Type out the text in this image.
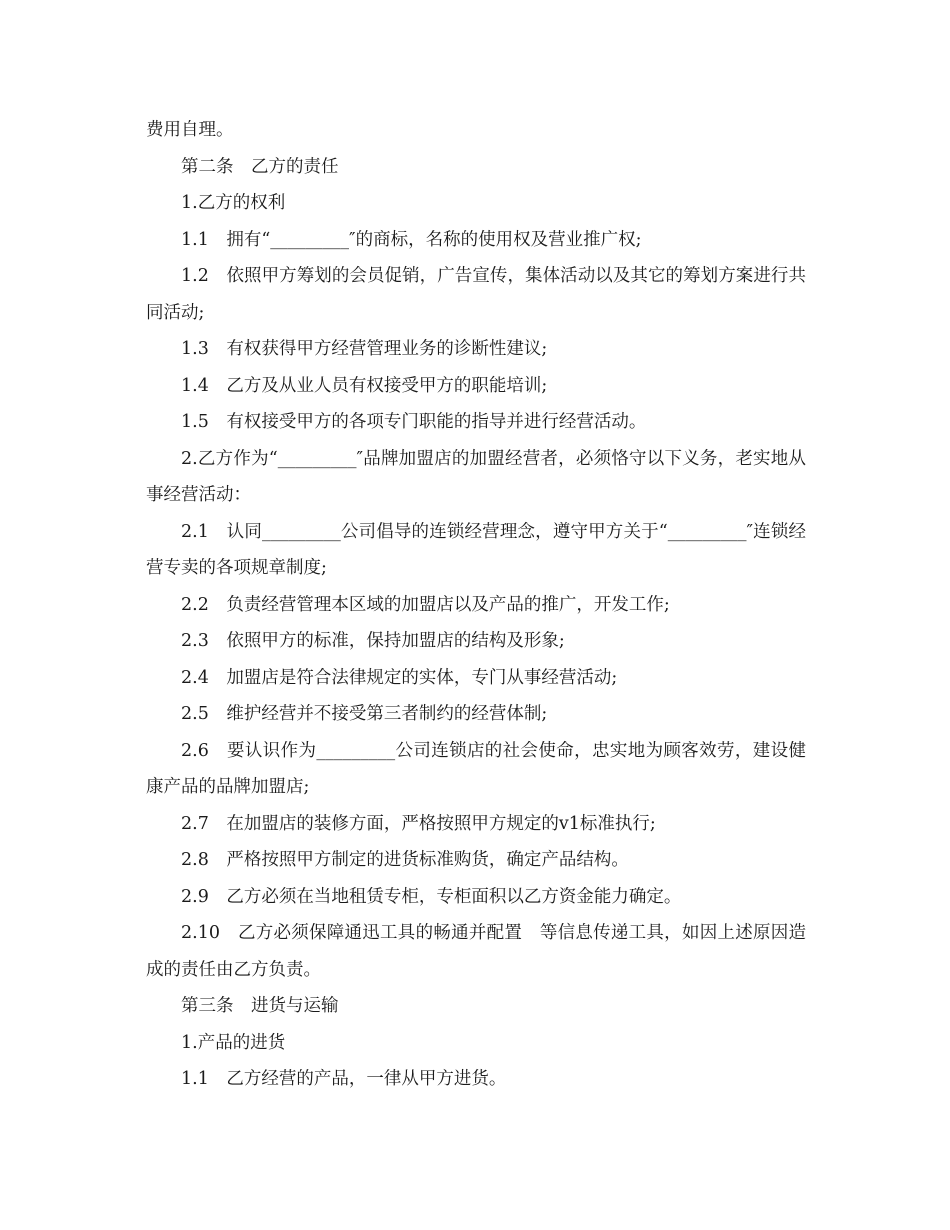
费用自理。

第二条　乙方的责任

1.乙方的权利

1.1　拥有“_________″的商标，名称的使用权及营业推广权;

1.2　依照甲方筹划的会员促销，广告宣传，集体活动以及其它的筹划方案进行共同活动;

1.3　有权获得甲方经营管理业务的诊断性建议;

1.4　乙方及从业人员有权接受甲方的职能培训;

1.5　有权接受甲方的各项专门职能的指导并进行经营活动。

2.乙方作为“_________″品牌加盟店的加盟经营者，必须恪守以下义务，老实地从事经营活动：

2.1　认同_________公司倡导的连锁经营理念，遵守甲方关于“_________″连锁经营专卖的各项规章制度;

2.2　负责经营管理本区域的加盟店以及产品的推广，开发工作;

2.3　依照甲方的标准，保持加盟店的结构及形象;

2.4　加盟店是符合法律规定的实体，专门从事经营活动;

2.5　维护经营并不接受第三者制约的经营体制;

2.6　要认识作为_________公司连锁店的社会使命，忠实地为顾客效劳，建设健康产品的品牌加盟店;

2.7　在加盟店的装修方面，严格按照甲方规定的v1标准执行;

2.8　严格按照甲方制定的进货标准购货，确定产品结构。

2.9　乙方必须在当地租赁专柜，专柜面积以乙方资金能力确定。

2.10　乙方必须保障通迅工具的畅通并配置　等信息传递工具，如因上述原因造成的责任由乙方负责。

第三条　进货与运输

1.产品的进货

1.1　乙方经营的产品，一律从甲方进货。
